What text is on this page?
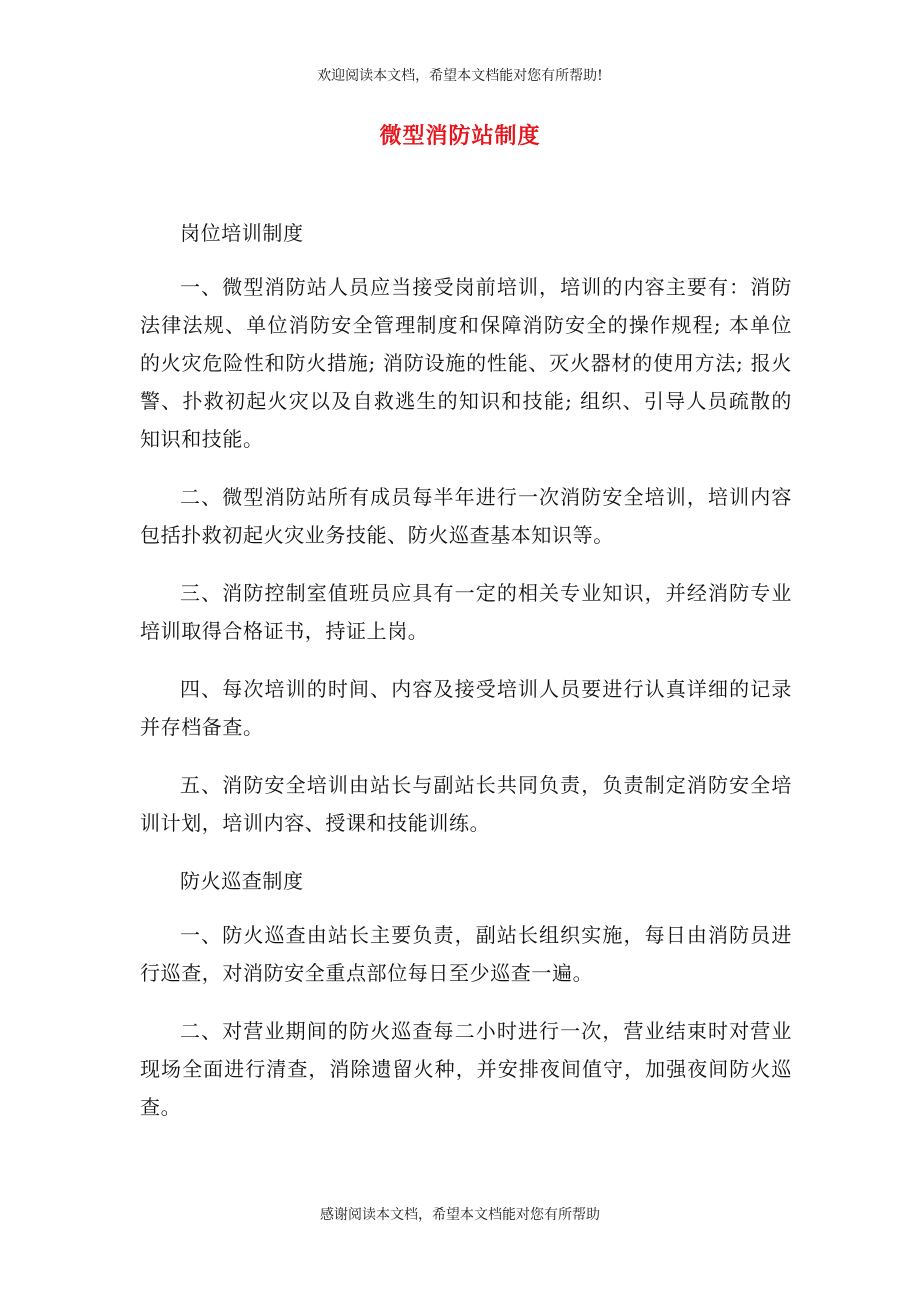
欢迎阅读本文档，希望本文档能对您有所帮助!
微型消防站制度

岗位培训制度

一、微型消防站人员应当接受岗前培训，培训的内容主要有：消防法律法规、单位消防安全管理制度和保障消防安全的操作规程; 本单位的火灾危险性和防火措施; 消防设施的性能、灭火器材的使用方法; 报火警、扑救初起火灾以及自救逃生的知识和技能; 组织、引导人员疏散的知识和技能。

二、微型消防站所有成员每半年进行一次消防安全培训，培训内容包括扑救初起火灾业务技能、防火巡查基本知识等。

三、消防控制室值班员应具有一定的相关专业知识，并经消防专业培训取得合格证书，持证上岗。

四、每次培训的时间、内容及接受培训人员要进行认真详细的记录并存档备查。

五、消防安全培训由站长与副站长共同负责，负责制定消防安全培训计划，培训内容、授课和技能训练。

防火巡查制度

一、防火巡查由站长主要负责，副站长组织实施，每日由消防员进行巡查，对消防安全重点部位每日至少巡查一遍。

二、对营业期间的防火巡查每二小时进行一次，营业结束时对营业现场全面进行清查，消除遗留火种，并安排夜间值守，加强夜间防火巡查。

感谢阅读本文档，希望本文档能对您有所帮助
